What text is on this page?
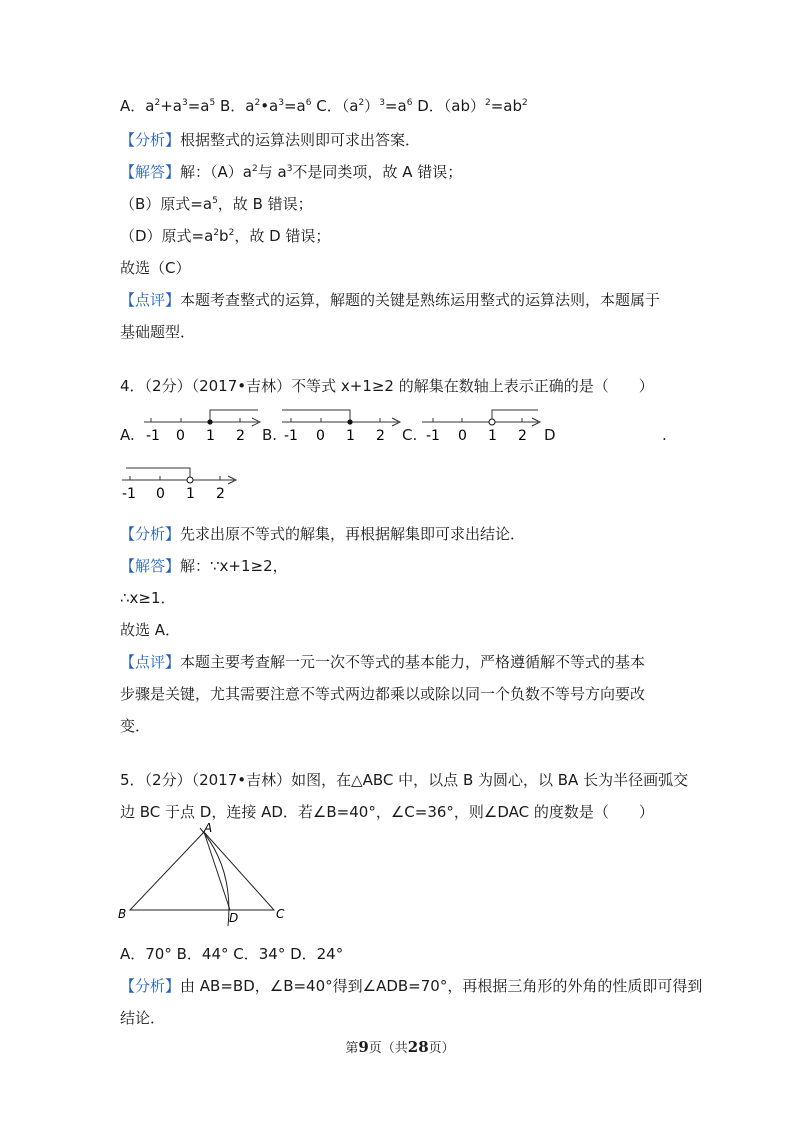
A．$a^2+a^3=a^5$ B．$a^2•a^3=a^6$ C．$(a^2)^3=a^6$ D．$(ab)^2=ab^2$
【分析】根据整式的运算法则即可求出答案．
【解答】解：$(A)a^2$与 $a^3$不是同类项，故 A 错误；
（B）原式$=a^5$，故 B 错误；
（D）原式$=a^2b^2$，故 D 错误；
故选（C）
【点评】本题考查整式的运算，解题的关键是熟练运用整式的运算法则，本题属于
基础题型．
4．（2分）（2017•吉林）不等式 x+1≥2 的解集在数轴上表示正确的是（　　）
A. -1 0 1 2 B. -1 0 1 2 C. -1 0 1 2 D	.
-1 0 1 2
【分析】先求出原不等式的解集，再根据解集即可求出结论．
【解答】解：∵x+1≥2，
∴x≥1．
故选 A．
【点评】本题主要考查解一元一次不等式的基本能力，严格遵循解不等式的基本
步骤是关键，尤其需要注意不等式两边都乘以或除以同一个负数不等号方向要改
变．
5．（2分）（2017•吉林）如图，在△ABC 中，以点 B 为圆心，以 BA 长为半径画弧交
边 BC 于点 D，连接 AD．若∠B=40°，∠C=36°，则∠DAC 的度数是（　　）
A
B	D	C
A．70° B．44° C．34° D．24°
【分析】由 AB=BD，∠B=40°得到∠ADB=70°，再根据三角形的外角的性质即可得到
结论．
第9页（共28页）
